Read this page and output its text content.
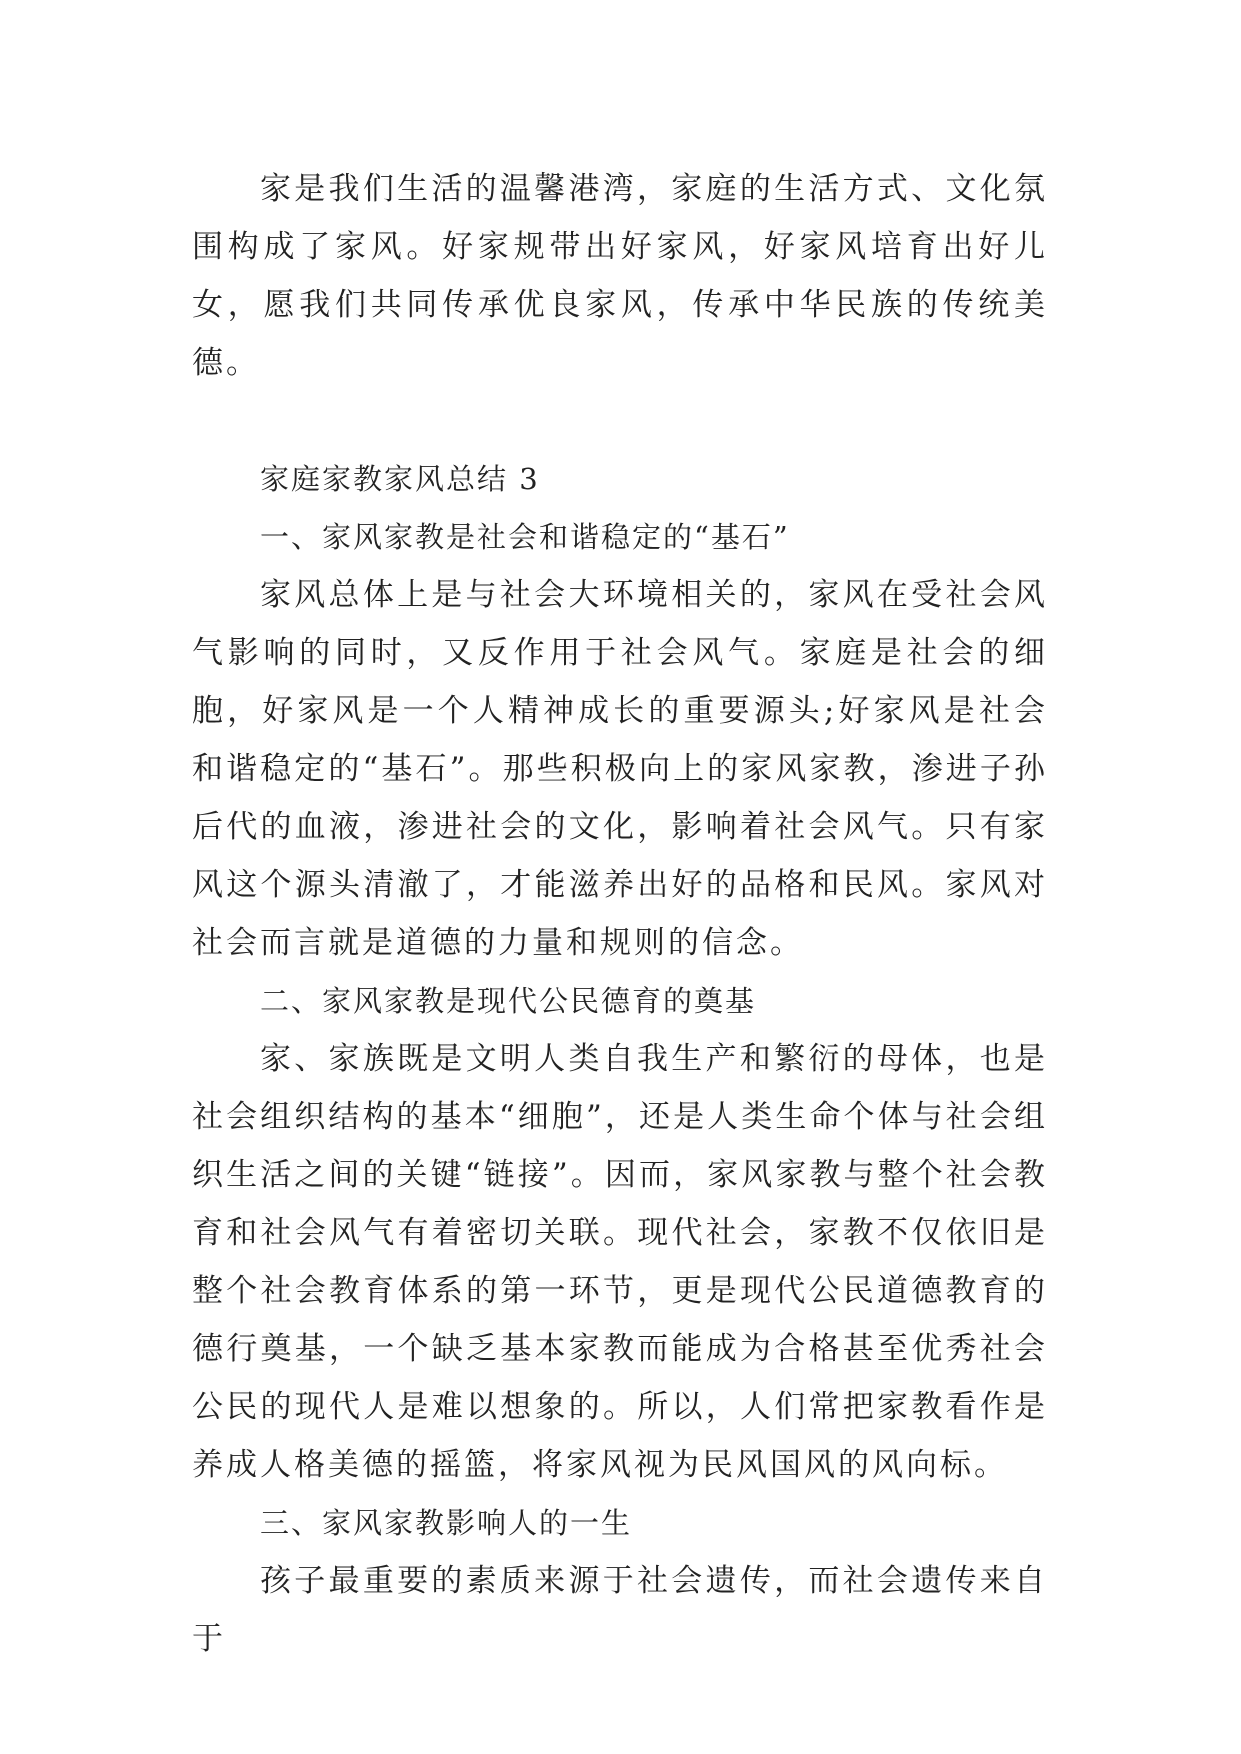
家是我们生活的温馨港湾，家庭的生活方式、文化氛围构成了家风。好家规带出好家风，好家风培育出好儿女，愿我们共同传承优良家风，传承中华民族的传统美德。

家庭家教家风总结 3

一、家风家教是社会和谐稳定的“基石”

家风总体上是与社会大环境相关的，家风在受社会风气影响的同时，又反作用于社会风气。家庭是社会的细胞，好家风是一个人精神成长的重要源头;好家风是社会和谐稳定的“基石”。那些积极向上的家风家教，渗进子孙后代的血液，渗进社会的文化，影响着社会风气。只有家风这个源头清澈了，才能滋养出好的品格和民风。家风对社会而言就是道德的力量和规则的信念。

二、家风家教是现代公民德育的奠基

家、家族既是文明人类自我生产和繁衍的母体，也是社会组织结构的基本“细胞”，还是人类生命个体与社会组织生活之间的关键“链接”。因而，家风家教与整个社会教育和社会风气有着密切关联。现代社会，家教不仅依旧是整个社会教育体系的第一环节，更是现代公民道德教育的德行奠基，一个缺乏基本家教而能成为合格甚至优秀社会公民的现代人是难以想象的。所以，人们常把家教看作是养成人格美德的摇篮，将家风视为民风国风的风向标。

三、家风家教影响人的一生

孩子最重要的素质来源于社会遗传，而社会遗传来自于
